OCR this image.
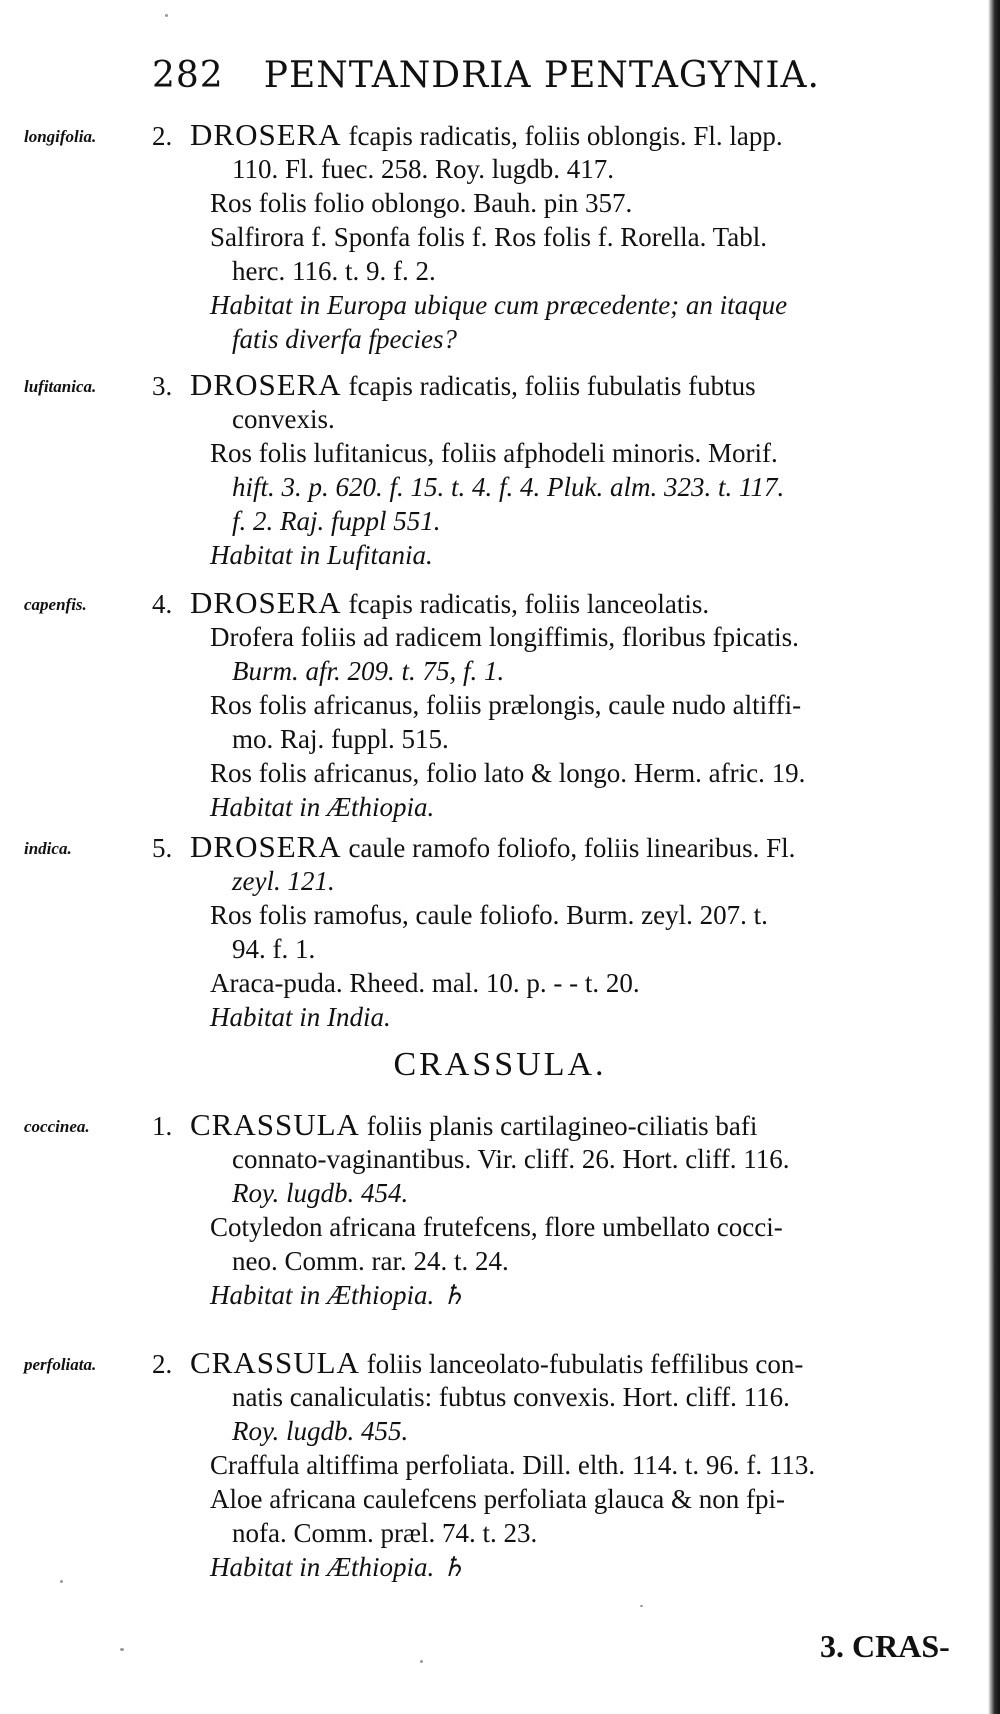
282 PENTANDRIA PENTAGYNIA.
longifolia. 2. DROSERA fcapis radicatis, foliis oblongis. Fl. lapp.
110. Fl. fuec. 258. Roy. lugdb. 417.
Ros folis folio oblongo. Bauh. pin 357.
Salfirora f. Sponfa folis f. Ros folis f. Rorella. Tabl.
herc. 116. t. 9. f. 2.
Habitat in Europa ubique cum præcedente; an itaque
fatis diverfa fpecies?
lufitanica. 3. DROSERA fcapis radicatis, foliis fubulatis fubtus
convexis.
Ros folis lufitanicus, foliis afphodeli minoris. Morif.
hift. 3. p. 620. f. 15. t. 4. f. 4. Pluk. alm. 323. t. 117.
f. 2. Raj. fuppl 551.
Habitat in Lufitania.
capenfis. 4. DROSERA fcapis radicatis, foliis lanceolatis.
Drofera foliis ad radicem longiffimis, floribus fpicatis.
Burm. afr. 209. t. 75, f. 1.
Ros folis africanus, foliis prælongis, caule nudo altiffi-
mo. Raj. fuppl. 515.
Ros folis africanus, folio lato & longo. Herm. afric. 19.
Habitat in Æthiopia.
indica.	5. DROSERA caule ramofo foliofo, foliis linearibus. Fl.
zeyl. 121.
Ros folis ramofus, caule foliofo. Burm. zeyl. 207. t.
94. f. 1.
Araca-puda. Rheed. mal. 10. p. - - t. 20.
Habitat in India.
CRASSULA.
coccinea. 1. CRASSULA foliis planis cartilagineo-ciliatis bafi
connato-vaginantibus. Vir. cliff. 26. Hort. cliff. 116.
Roy. lugdb. 454.
Cotyledon africana frutefcens, flore umbellato cocci-
neo. Comm. rar. 24. t. 24.
Habitat in Æthiopia. ♄
perfoliata. 2. CRASSULA foliis lanceolato-fubulatis feffilibus con-
natis canaliculatis: fubtus convexis. Hort. cliff. 116.
Roy. lugdb. 455.
Craffula altiffima perfoliata. Dill. elth. 114. t. 96. f. 113.
Aloe africana caulefcens perfoliata glauca & non fpi-
nofa. Comm. præl. 74. t. 23.
Habitat in Æthiopia. ♄
3. CRAS-
